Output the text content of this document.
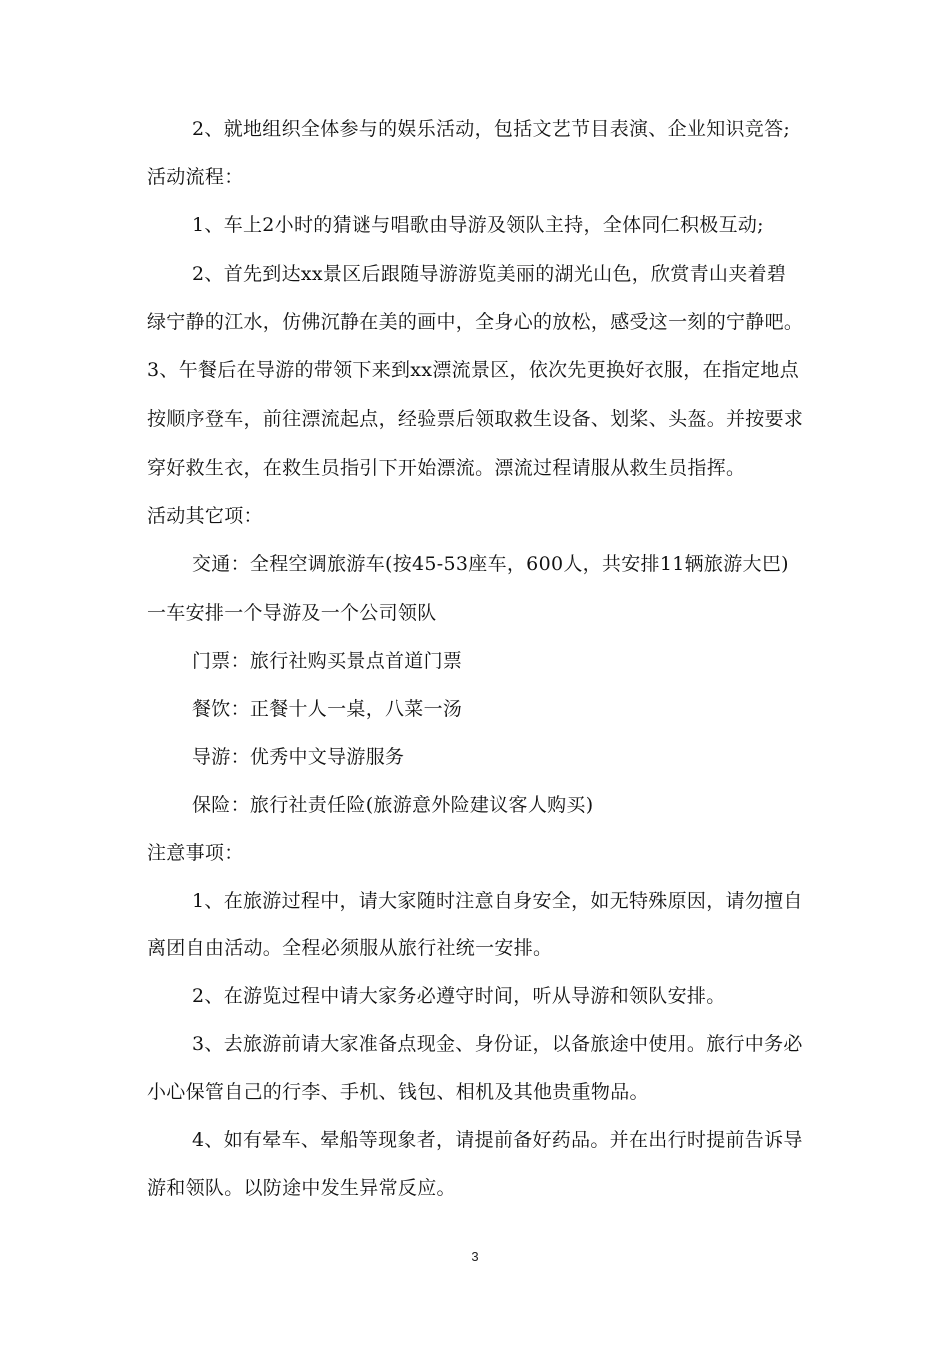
2、就地组织全体参与的娱乐活动，包括文艺节目表演、企业知识竞答;
活动流程：
1、车上2小时的猜谜与唱歌由导游及领队主持，全体同仁积极互动;
2、首先到达xx景区后跟随导游游览美丽的湖光山色，欣赏青山夹着碧
绿宁静的江水，仿佛沉静在美的画中，全身心的放松，感受这一刻的宁静吧。
3、午餐后在导游的带领下来到xx漂流景区，依次先更换好衣服，在指定地点
按顺序登车，前往漂流起点，经验票后领取救生设备、划桨、头盔。并按要求
穿好救生衣，在救生员指引下开始漂流。漂流过程请服从救生员指挥。
活动其它项：
交通：全程空调旅游车(按45-53座车，600人，共安排11辆旅游大巴)
一车安排一个导游及一个公司领队
门票：旅行社购买景点首道门票
餐饮：正餐十人一桌，八菜一汤
导游：优秀中文导游服务
保险：旅行社责任险(旅游意外险建议客人购买)
注意事项：
1、在旅游过程中，请大家随时注意自身安全，如无特殊原因，请勿擅自
离团自由活动。全程必须服从旅行社统一安排。
2、在游览过程中请大家务必遵守时间，听从导游和领队安排。
3、去旅游前请大家准备点现金、身份证，以备旅途中使用。旅行中务必
小心保管自己的行李、手机、钱包、相机及其他贵重物品。
4、如有晕车、晕船等现象者，请提前备好药品。并在出行时提前告诉导
游和领队。以防途中发生异常反应。
3
